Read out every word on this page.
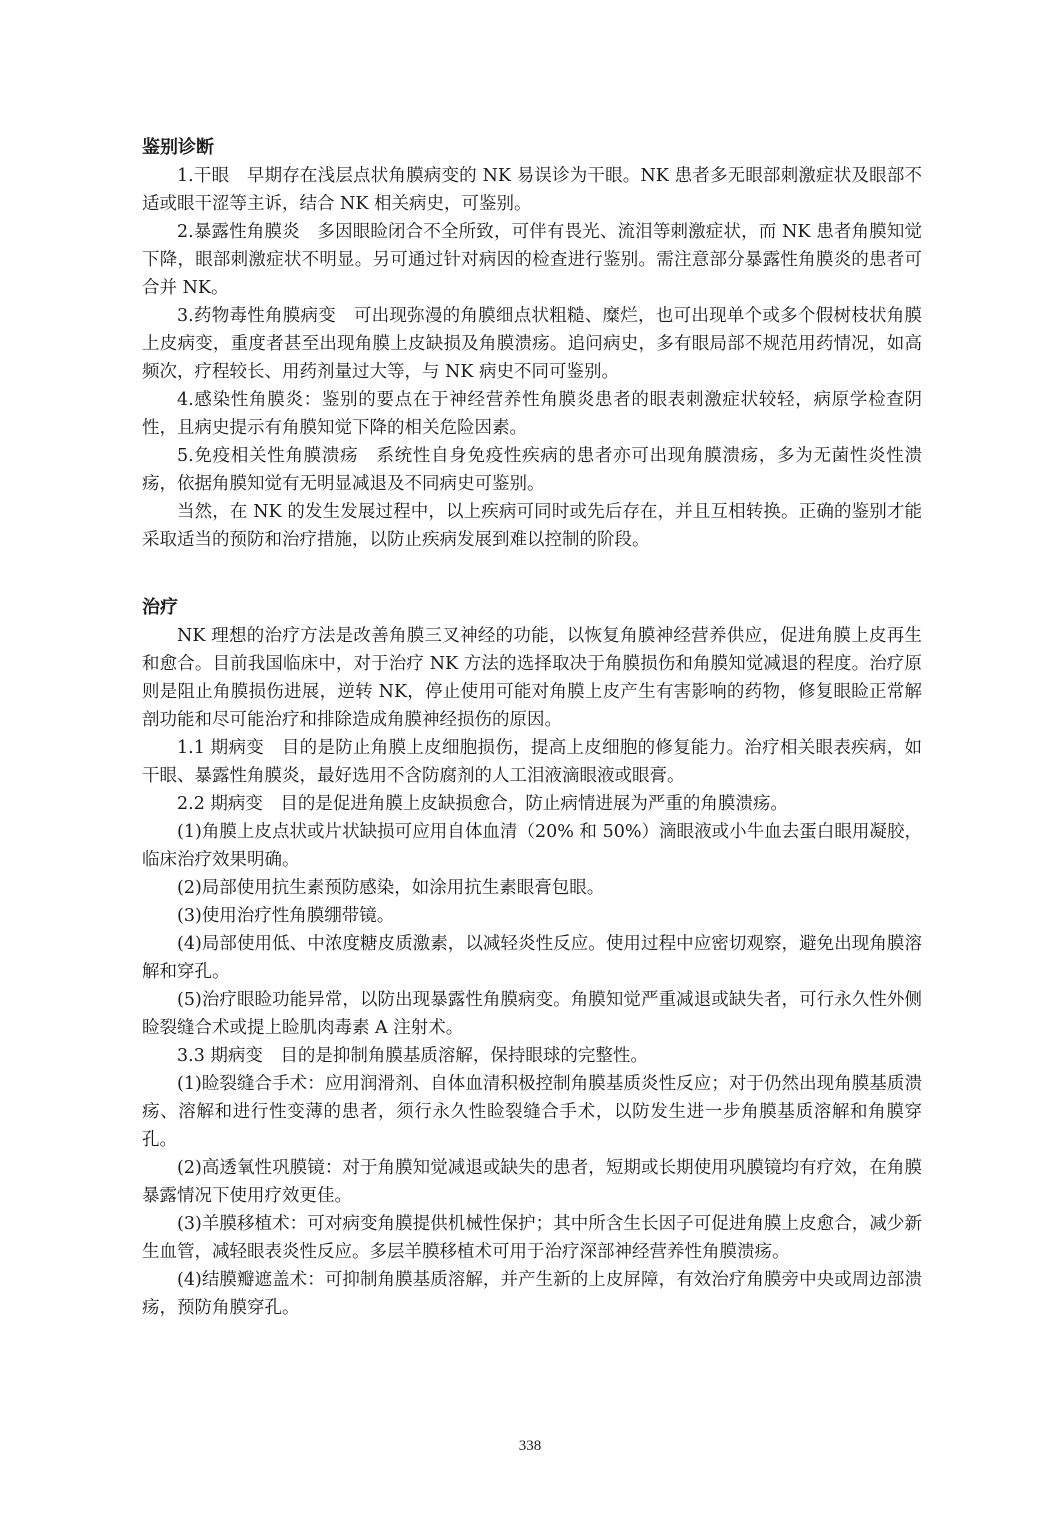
鉴别诊断

1.干眼　早期存在浅层点状角膜病变的 NK 易误诊为干眼。NK 患者多无眼部刺激症状及眼部不适或眼干涩等主诉，结合 NK 相关病史，可鉴别。

2.暴露性角膜炎　多因眼睑闭合不全所致，可伴有畏光、流泪等刺激症状，而 NK 患者角膜知觉下降，眼部刺激症状不明显。另可通过针对病因的检查进行鉴别。需注意部分暴露性角膜炎的患者可合并 NK。

3.药物毒性角膜病变　可出现弥漫的角膜细点状粗糙、糜烂，也可出现单个或多个假树枝状角膜上皮病变，重度者甚至出现角膜上皮缺损及角膜溃疡。追问病史，多有眼局部不规范用药情况，如高频次，疗程较长、用药剂量过大等，与 NK 病史不同可鉴别。

4.感染性角膜炎：鉴别的要点在于神经营养性角膜炎患者的眼表刺激症状较轻，病原学检查阴性，且病史提示有角膜知觉下降的相关危险因素。

5.免疫相关性角膜溃疡　系统性自身免疫性疾病的患者亦可出现角膜溃疡，多为无菌性炎性溃疡，依据角膜知觉有无明显减退及不同病史可鉴别。

当然，在 NK 的发生发展过程中，以上疾病可同时或先后存在，并且互相转换。正确的鉴别才能采取适当的预防和治疗措施，以防止疾病发展到难以控制的阶段。

治疗

NK 理想的治疗方法是改善角膜三叉神经的功能，以恢复角膜神经营养供应，促进角膜上皮再生和愈合。目前我国临床中，对于治疗 NK 方法的选择取决于角膜损伤和角膜知觉减退的程度。治疗原则是阻止角膜损伤进展，逆转 NK，停止使用可能对角膜上皮产生有害影响的药物，修复眼睑正常解剖功能和尽可能治疗和排除造成角膜神经损伤的原因。

1.1 期病变　目的是防止角膜上皮细胞损伤，提高上皮细胞的修复能力。治疗相关眼表疾病，如干眼、暴露性角膜炎，最好选用不含防腐剂的人工泪液滴眼液或眼膏。

2.2 期病变　目的是促进角膜上皮缺损愈合，防止病情进展为严重的角膜溃疡。

(1)角膜上皮点状或片状缺损可应用自体血清（20% 和 50%）滴眼液或小牛血去蛋白眼用凝胶，临床治疗效果明确。

(2)局部使用抗生素预防感染，如涂用抗生素眼膏包眼。

(3)使用治疗性角膜绷带镜。

(4)局部使用低、中浓度糖皮质激素，以减轻炎性反应。使用过程中应密切观察，避免出现角膜溶解和穿孔。

(5)治疗眼睑功能异常，以防出现暴露性角膜病变。角膜知觉严重减退或缺失者，可行永久性外侧睑裂缝合术或提上睑肌肉毒素 A 注射术。

3.3 期病变　目的是抑制角膜基质溶解，保持眼球的完整性。

(1)睑裂缝合手术：应用润滑剂、自体血清积极控制角膜基质炎性反应；对于仍然出现角膜基质溃疡、溶解和进行性变薄的患者，须行永久性睑裂缝合手术，以防发生进一步角膜基质溶解和角膜穿孔。

(2)高透氧性巩膜镜：对于角膜知觉减退或缺失的患者，短期或长期使用巩膜镜均有疗效，在角膜暴露情况下使用疗效更佳。

(3)羊膜移植术：可对病变角膜提供机械性保护；其中所含生长因子可促进角膜上皮愈合，减少新生血管，减轻眼表炎性反应。多层羊膜移植术可用于治疗深部神经营养性角膜溃疡。

(4)结膜瓣遮盖术：可抑制角膜基质溶解，并产生新的上皮屏障，有效治疗角膜旁中央或周边部溃疡，预防角膜穿孔。

338
